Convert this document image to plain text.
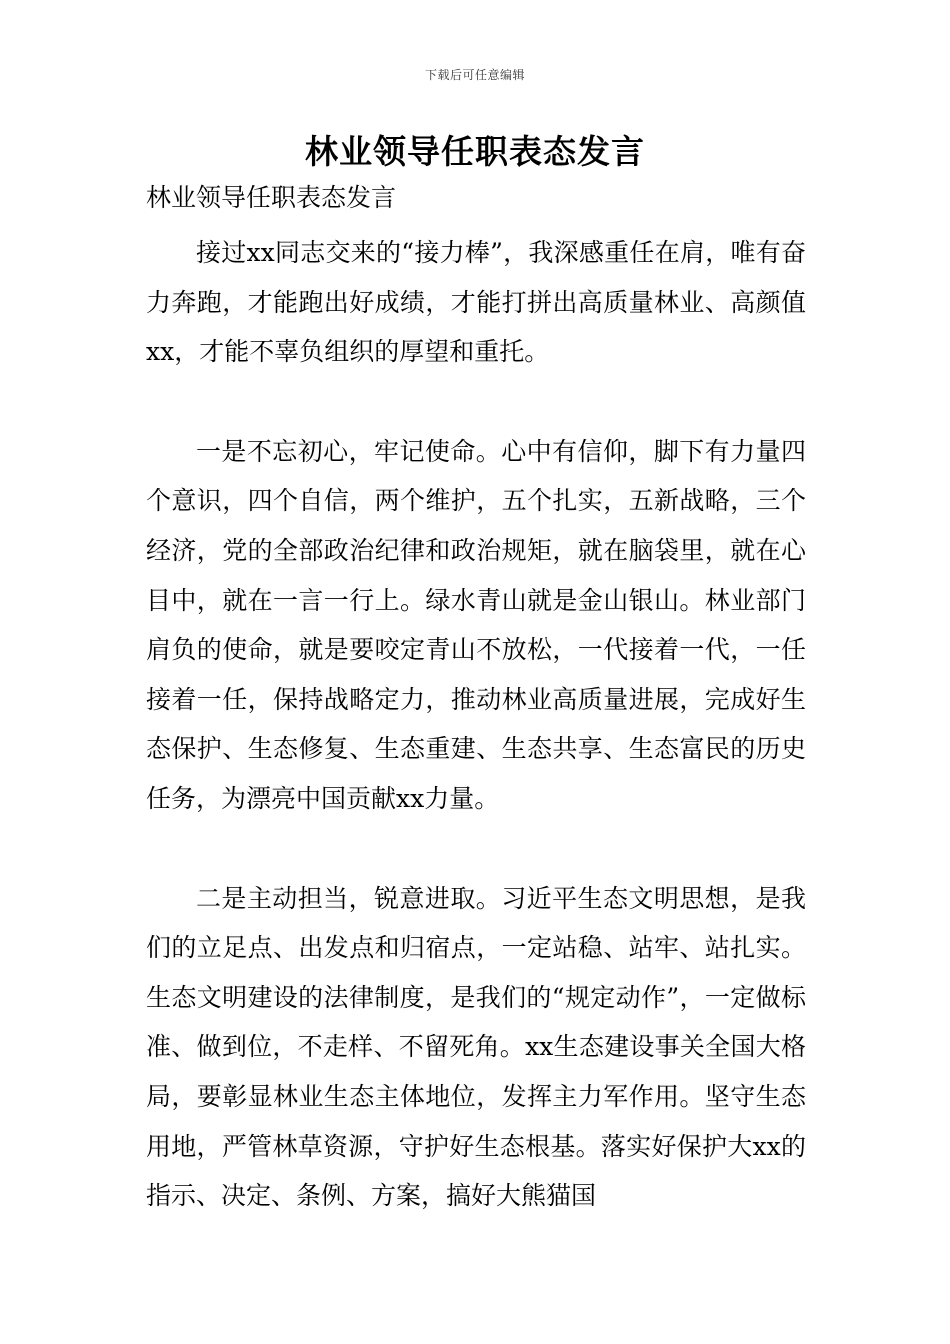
下载后可任意编辑
林业领导任职表态发言

林业领导任职表态发言

接过xx同志交来的“接力棒”，我深感重任在肩，唯有奋力奔跑，才能跑出好成绩，才能打拼出高质量林业、高颜值xx，才能不辜负组织的厚望和重托。

一是不忘初心，牢记使命。心中有信仰，脚下有力量四个意识，四个自信，两个维护，五个扎实，五新战略，三个经济，党的全部政治纪律和政治规矩，就在脑袋里，就在心目中，就在一言一行上。绿水青山就是金山银山。林业部门肩负的使命，就是要咬定青山不放松，一代接着一代，一任接着一任，保持战略定力，推动林业高质量进展，完成好生态保护、生态修复、生态重建、生态共享、生态富民的历史任务，为漂亮中国贡献xx力量。

二是主动担当，锐意进取。习近平生态文明思想，是我们的立足点、出发点和归宿点，一定站稳、站牢、站扎实。生态文明建设的法律制度，是我们的“规定动作”，一定做标准、做到位，不走样、不留死角。xx生态建设事关全国大格局，要彰显林业生态主体地位，发挥主力军作用。坚守生态用地，严管林草资源，守护好生态根基。落实好保护大xx的指示、决定、条例、方案，搞好大熊猫国
